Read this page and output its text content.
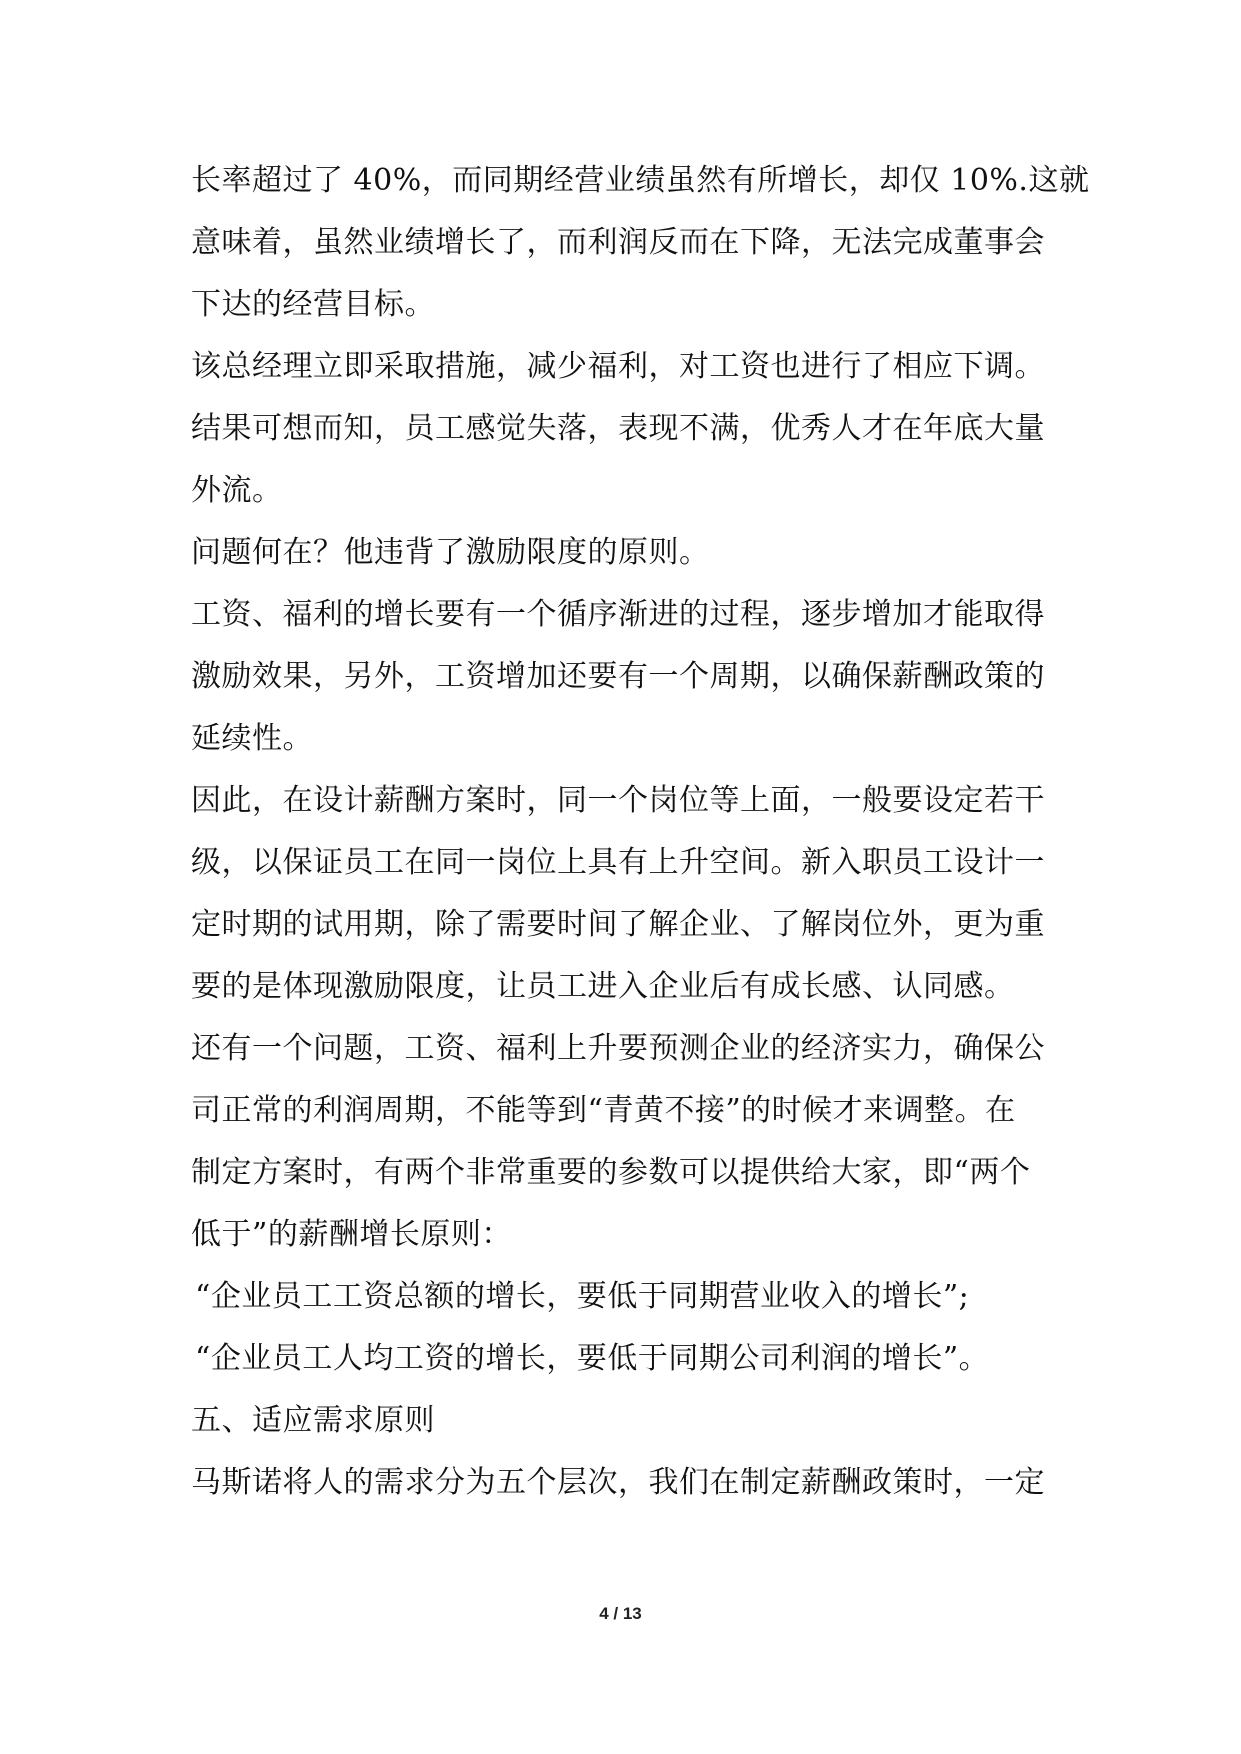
长率超过了 40%，而同期经营业绩虽然有所增长，却仅 10%.这就
意味着，虽然业绩增长了，而利润反而在下降，无法完成董事会
下达的经营目标。
该总经理立即采取措施，减少福利，对工资也进行了相应下调。
结果可想而知，员工感觉失落，表现不满，优秀人才在年底大量
外流。
问题何在？他违背了激励限度的原则。
工资、福利的增长要有一个循序渐进的过程，逐步增加才能取得
激励效果，另外，工资增加还要有一个周期，以确保薪酬政策的
延续性。
因此，在设计薪酬方案时，同一个岗位等上面，一般要设定若干
级，以保证员工在同一岗位上具有上升空间。新入职员工设计一
定时期的试用期，除了需要时间了解企业、了解岗位外，更为重
要的是体现激励限度，让员工进入企业后有成长感、认同感。
还有一个问题，工资、福利上升要预测企业的经济实力，确保公
司正常的利润周期，不能等到“青黄不接”的时候才来调整。在
制定方案时，有两个非常重要的参数可以提供给大家，即“两个
低于”的薪酬增长原则：
“企业员工工资总额的增长，要低于同期营业收入的增长”;
“企业员工人均工资的增长，要低于同期公司利润的增长”。
五、适应需求原则
马斯诺将人的需求分为五个层次，我们在制定薪酬政策时，一定
4 / 13
